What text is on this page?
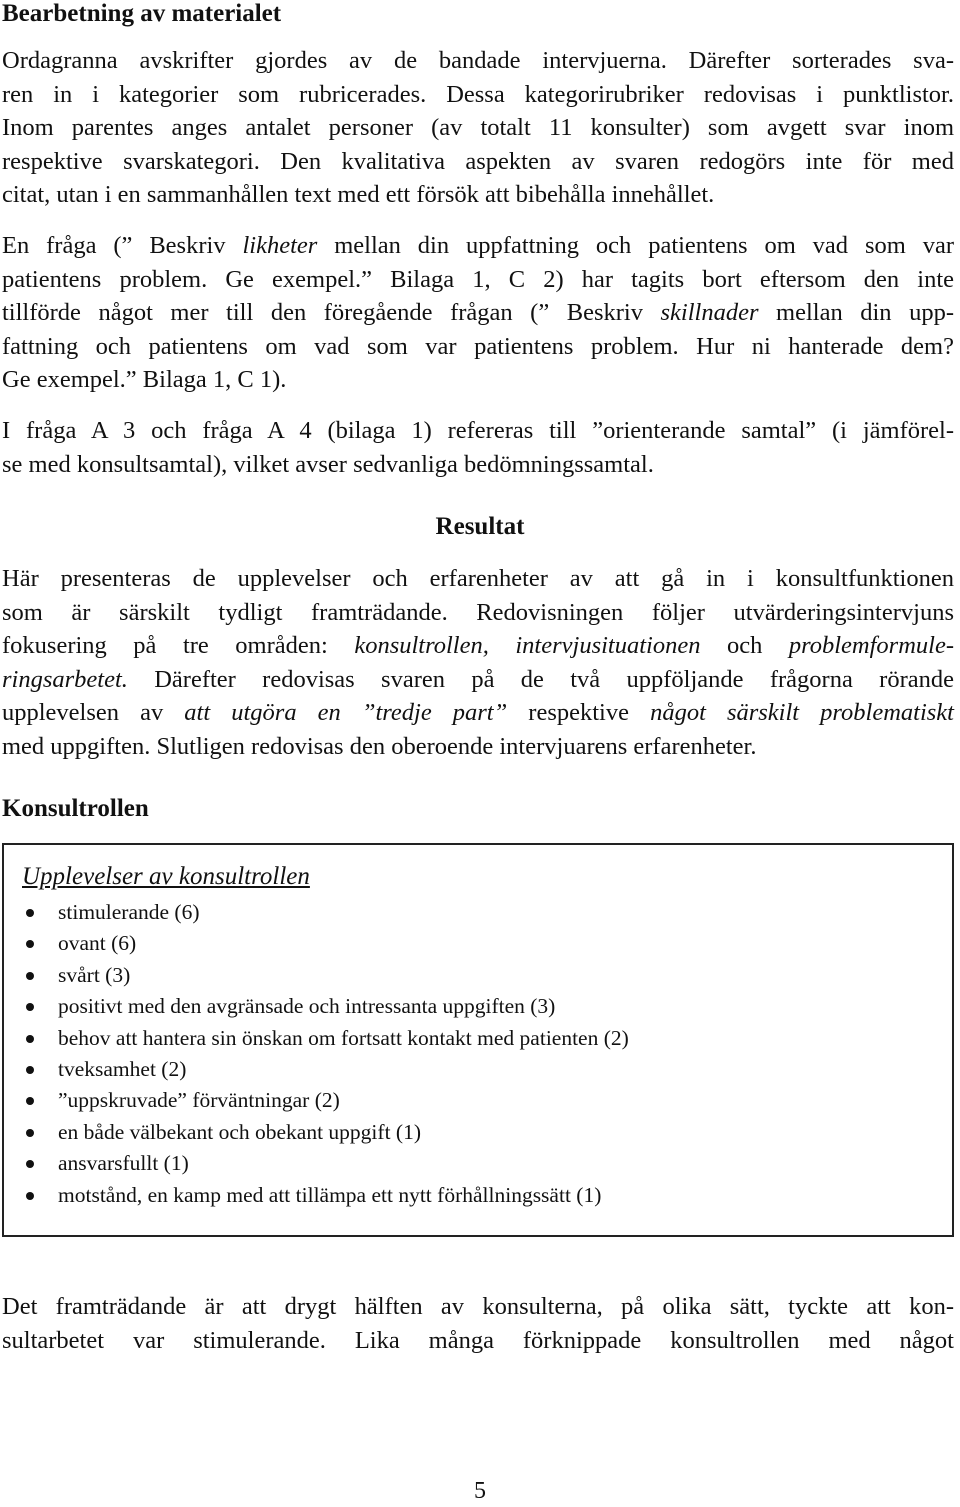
Bearbetning av materialet
Ordagranna avskrifter gjordes av de bandade intervjuerna. Därefter sorterades sva-
ren in i kategorier som rubricerades. Dessa kategorirubriker redovisas i punktlistor.
Inom parentes anges antalet personer (av totalt 11 konsulter) som avgett svar inom
respektive svarskategori. Den kvalitativa aspekten av svaren redogörs inte för med
citat, utan i en sammanhållen text med ett försök att bibehålla innehållet.
En fråga (” Beskriv likheter mellan din uppfattning och patientens om vad som var
patientens problem. Ge exempel.” Bilaga 1, C 2) har tagits bort eftersom den inte
tillförde något mer till den föregående frågan (” Beskriv skillnader mellan din upp-
fattning och patientens om vad som var patientens problem. Hur ni hanterade dem?
Ge exempel.” Bilaga 1, C 1).
I fråga A 3 och fråga A 4 (bilaga 1) refereras till ”orienterande samtal” (i jämförel-
se med konsultsamtal), vilket avser sedvanliga bedömningssamtal.
Resultat
Här presenteras de upplevelser och erfarenheter av att gå in i konsultfunktionen
som är särskilt tydligt framträdande. Redovisningen följer utvärderingsintervjuns
fokusering på tre områden: konsultrollen, intervjusituationen och problemformule-
ringsarbetet. Därefter redovisas svaren på de två uppföljande frågorna rörande
upplevelsen av att utgöra en ”tredje part” respektive något särskilt problematiskt
med uppgiften. Slutligen redovisas den oberoende intervjuarens erfarenheter.
Konsultrollen
Upplevelser av konsultrollen
stimulerande (6)
ovant (6)
svårt (3)
positivt med den avgränsade och intressanta uppgiften (3)
behov att hantera sin önskan om fortsatt kontakt med patienten (2)
tveksamhet (2)
”uppskruvade” förväntningar (2)
en både välbekant och obekant uppgift (1)
ansvarsfullt (1)
motstånd, en kamp med att tillämpa ett nytt förhållningssätt (1)
Det framträdande är att drygt hälften av konsulterna, på olika sätt, tyckte att kon-
sultarbetet var stimulerande. Lika många förknippade konsultrollen med något
5
